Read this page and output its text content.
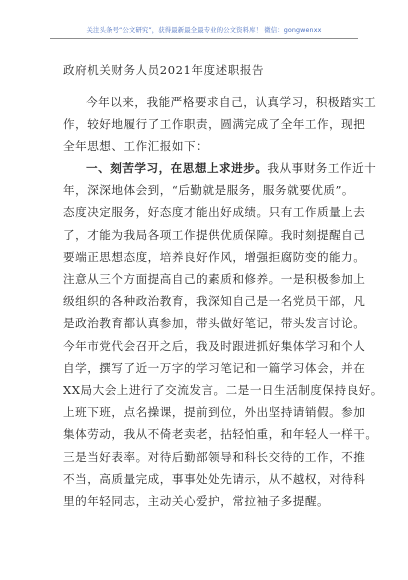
关注头条号“公文研究”，获得最新最全最专业的公文资料库！ 微信：gongwenxx
政府机关财务人员2021年度述职报告
今年以来，我能严格要求自己，认真学习，积极踏实工
作，较好地履行了工作职责，圆满完成了全年工作，现把
全年思想、工作汇报如下：
一、刻苦学习，在思想上求进步。我从事财务工作近十
年，深深地体会到，“后勤就是服务，服务就要优质”。
态度决定服务，好态度才能出好成绩。只有工作质量上去
了，才能为我局各项工作提供优质保障。我时刻提醒自己
要端正思想态度，培养良好作风，增强拒腐防变的能力。
注意从三个方面提高自己的素质和修养。一是积极参加上
级组织的各种政治教育，我深知自己是一名党员干部，凡
是政治教育都认真参加，带头做好笔记，带头发言讨论。
今年市党代会召开之后，我及时跟进抓好集体学习和个人
自学，撰写了近一万字的学习笔记和一篇学习体会，并在
XX局大会上进行了交流发言。二是一日生活制度保持良好。
上班下班，点名操课，提前到位，外出坚持请销假。参加
集体劳动，我从不倚老卖老，拈轻怕重，和年轻人一样干。
三是当好表率。对待后勤部领导和科长交待的工作，不推
不当，高质量完成，事事处处先请示，从不越权，对待科
里的年轻同志，主动关心爱护，常拉袖子多提醒。
